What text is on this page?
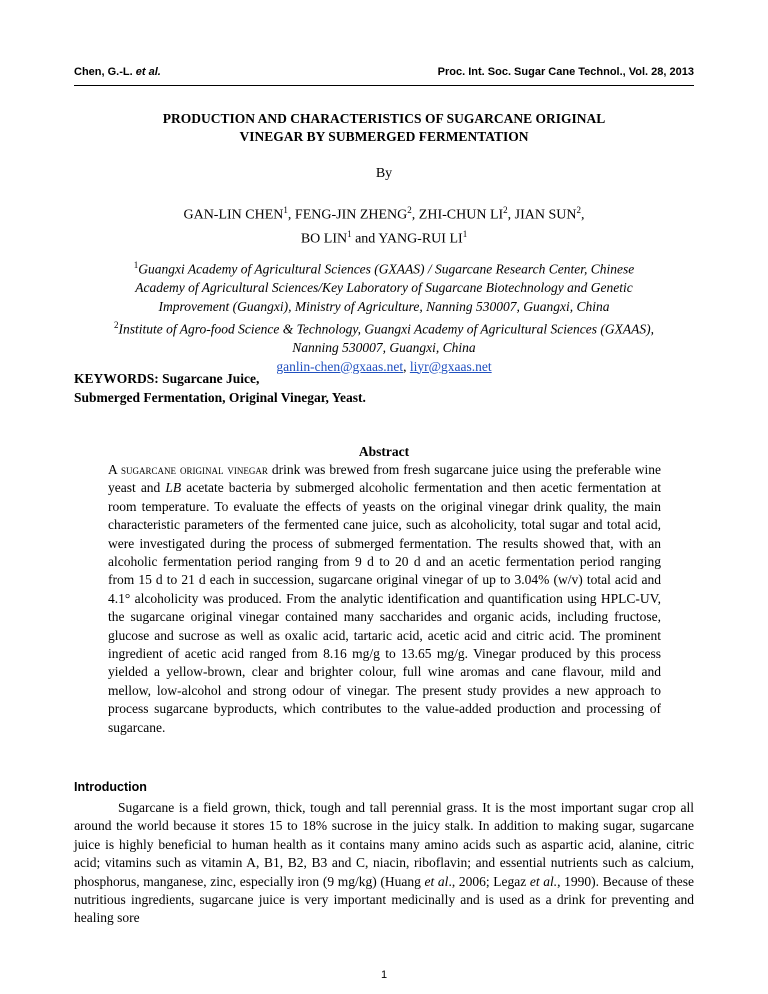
Chen, G.-L. et al.	Proc. Int. Soc. Sugar Cane Technol., Vol. 28, 2013
PRODUCTION AND CHARACTERISTICS OF SUGARCANE ORIGINAL
VINEGAR BY SUBMERGED FERMENTATION
By
GAN-LIN CHEN$^1$, FENG-JIN ZHENG$^2$, ZHI-CHUN $LI^2$, JIAN SUN$^2$,
BO LIN$^1$ and YANG-RUI $LI^1$
$^1$Guangxi Academy of Agricultural Sciences (GXAAS) / Sugarcane Research Center, Chinese
Academy of Agricultural Sciences/Key Laboratory of Sugarcane Biotechnology and Genetic
Improvement (Guangxi), Ministry of Agriculture, Nanning 530007, Guangxi, China
$^2$Institute of Agro-food Science & Technology, Guangxi Academy of Agricultural Sciences (GXAAS),
Nanning 530007, Guangxi, China
ganlin-chen@gxaas.net, liyr@gxaas.net
KEYWORDS: Sugarcane Juice,
Submerged Fermentation, Original Vinegar, Yeast.
Abstract
A sugarcane original vinegar drink was brewed from fresh sugarcane juice using the preferable wine yeast and LB acetate bacteria by submerged alcoholic fermentation and then acetic fermentation at room temperature. To evaluate the effects of yeasts on the original vinegar drink quality, the main characteristic parameters of the fermented cane juice, such as alcoholicity, total sugar and total acid, were investigated during the process of submerged fermentation. The results showed that, with an alcoholic fermentation period ranging from 9 d to 20 d and an acetic fermentation period ranging from 15 d to 21 d each in succession, sugarcane original vinegar of up to 3.04% (w/v) total acid and 4.1° alcoholicity was produced. From the analytic identification and quantification using HPLC-UV, the sugarcane original vinegar contained many saccharides and organic acids, including fructose, glucose and sucrose as well as oxalic acid, tartaric acid, acetic acid and citric acid. The prominent ingredient of acetic acid ranged from 8.16 mg/g to 13.65 mg/g. Vinegar produced by this process yielded a yellow-brown, clear and brighter colour, full wine aromas and cane flavour, mild and mellow, low-alcohol and strong odour of vinegar. The present study provides a new approach to process sugarcane byproducts, which contributes to the value-added production and processing of sugarcane.
Introduction

Sugarcane is a field grown, thick, tough and tall perennial grass. It is the most important sugar crop all around the world because it stores 15 to 18% sucrose in the juicy stalk. In addition to making sugar, sugarcane juice is highly beneficial to human health as it contains many amino acids such as aspartic acid, alanine, citric acid; vitamins such as vitamin A, B1, B2, B3 and C, niacin, riboflavin; and essential nutrients such as calcium, phosphorus, manganese, zinc, especially iron (9 mg/kg) (Huang et al., 2006; Legaz et al., 1990). Because of these nutritious ingredients, sugarcane juice is very important medicinally and is used as a drink for preventing and healing sore

1
